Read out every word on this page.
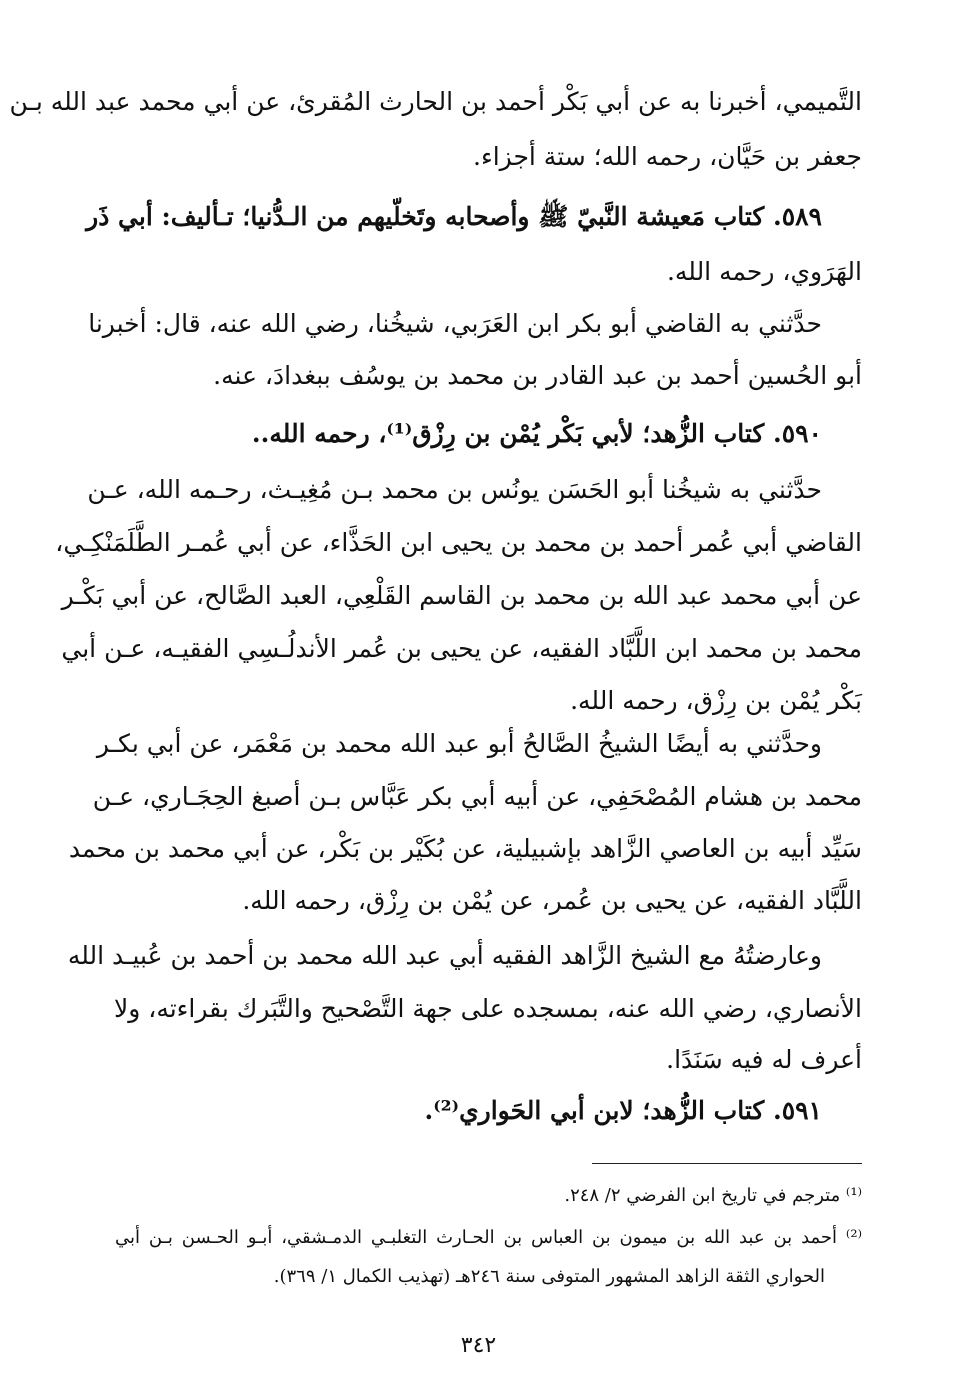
التَّميمي، أخبرنا به عن أبي بَكْر أحمد بن الحارث المُقرئ، عن أبي محمد عبد الله بـن
جعفر بن حَيَّان، رحمه الله؛ ستة أجزاء.
٥٨٩. كتاب مَعيشة النَّبيّ ﷺ وأصحابه وتَخلّيهم من الـدُّنيا؛ تـأليف: أبي ذَر
الهَرَوي، رحمه الله.
حدَّثني به القاضي أبو بكر ابن العَرَبي، شيخُنا، رضي الله عنه، قال: أخبرنا
أبو الحُسين أحمد بن عبد القادر بن محمد بن يوسُف ببغدادَ، عنه.
٥٩٠. كتاب الزُّهد؛ لأبي بَكْر يُمْن بن رِزْق⁽¹⁾، رحمه الله..
حدَّثني به شيخُنا أبو الحَسَن يونُس بن محمد بـن مُغِيـث، رحـمه الله، عـن
القاضي أبي عُمر أحمد بن محمد بن يحيى ابن الحَذَّاء، عن أبي عُمـر الطَّلَمَنْكِـي،
عن أبي محمد عبد الله بن محمد بن القاسم القَلْعِي، العبد الصَّالح، عن أبي بَكْـر
محمد بن محمد ابن اللَّبَّاد الفقيه، عن يحيى بن عُمر الأندلُـسِي الفقيـه، عـن أبي
بَكْر يُمْن بن رِزْق، رحمه الله.
وحدَّثني به أيضًا الشيخُ الصَّالحُ أبو عبد الله محمد بن مَعْمَر، عن أبي بكـر
محمد بن هشام المُصْحَفِي، عن أبيه أبي بكر عَبَّاس بـن أصبغ الحِجَـاري، عـن
سَيِّد أبيه بن العاصي الزَّاهد بإشبيلية، عن بُكَيْر بن بَكْر، عن أبي محمد بن محمد
اللَّبَّاد الفقيه، عن يحيى بن عُمر، عن يُمْن بن رِزْق، رحمه الله.
وعارضتُهُ مع الشيخ الزَّاهد الفقيه أبي عبد الله محمد بن أحمد بن عُبيـد الله
الأنصاري، رضي الله عنه، بمسجده على جهة التَّصْحيح والتَّبَرك بقراءته، ولا
أعرف له فيه سَنَدًا.
٥٩١. كتاب الزُّهد؛ لابن أبي الحَواري⁽²⁾.
⁽¹⁾ مترجم في تاريخ ابن الفرضي ٢/ ٢٤٨.
⁽²⁾ أحمد بن عبد الله بن ميمون بن العباس بن الحـارث التغلبـي الدمـشقي، أبـو الحـسن بـن أبي
الحواري الثقة الزاهد المشهور المتوفى سنة ٢٤٦هـ (تهذيب الكمال ١/ ٣٦٩).
٣٤٢
